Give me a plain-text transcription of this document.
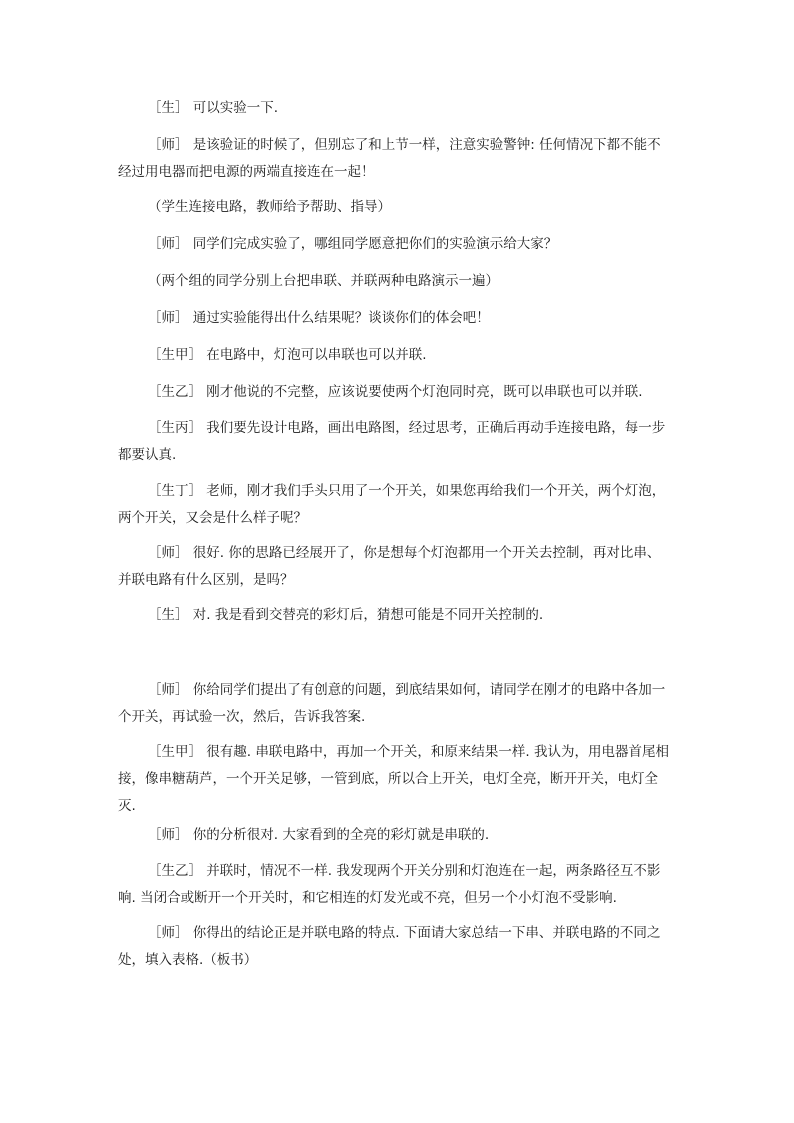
［生］ 可以实验一下.
［师］ 是该验证的时候了，但别忘了和上节一样，注意实验警钟: 任何情况下都不能不
经过用电器而把电源的两端直接连在一起！
（学生连接电路，教师给予帮助、指导）
［师］ 同学们完成实验了，哪组同学愿意把你们的实验演示给大家？
（两个组的同学分别上台把串联、并联两种电路演示一遍）
［师］ 通过实验能得出什么结果呢？谈谈你们的体会吧！
［生甲］ 在电路中，灯泡可以串联也可以并联.
［生乙］ 刚才他说的不完整，应该说要使两个灯泡同时亮，既可以串联也可以并联.
［生丙］ 我们要先设计电路，画出电路图，经过思考，正确后再动手连接电路，每一步
都要认真.
［生丁］ 老师，刚才我们手头只用了一个开关，如果您再给我们一个开关，两个灯泡，
两个开关，又会是什么样子呢？
［师］ 很好. 你的思路已经展开了，你是想每个灯泡都用一个开关去控制，再对比串、
并联电路有什么区别，是吗？
［生］ 对. 我是看到交替亮的彩灯后，猜想可能是不同开关控制的.
［师］ 你给同学们提出了有创意的问题，到底结果如何，请同学在刚才的电路中各加一
个开关，再试验一次，然后，告诉我答案.
［生甲］ 很有趣. 串联电路中，再加一个开关，和原来结果一样. 我认为，用电器首尾相
接，像串糖葫芦，一个开关足够，一管到底，所以合上开关，电灯全亮，断开开关，电灯全
灭.
［师］ 你的分析很对. 大家看到的全亮的彩灯就是串联的.
［生乙］ 并联时，情况不一样. 我发现两个开关分别和灯泡连在一起，两条路径互不影
响. 当闭合或断开一个开关时，和它相连的灯发光或不亮，但另一个小灯泡不受影响.
［师］ 你得出的结论正是并联电路的特点. 下面请大家总结一下串、并联电路的不同之
处，填入表格.（板书）
